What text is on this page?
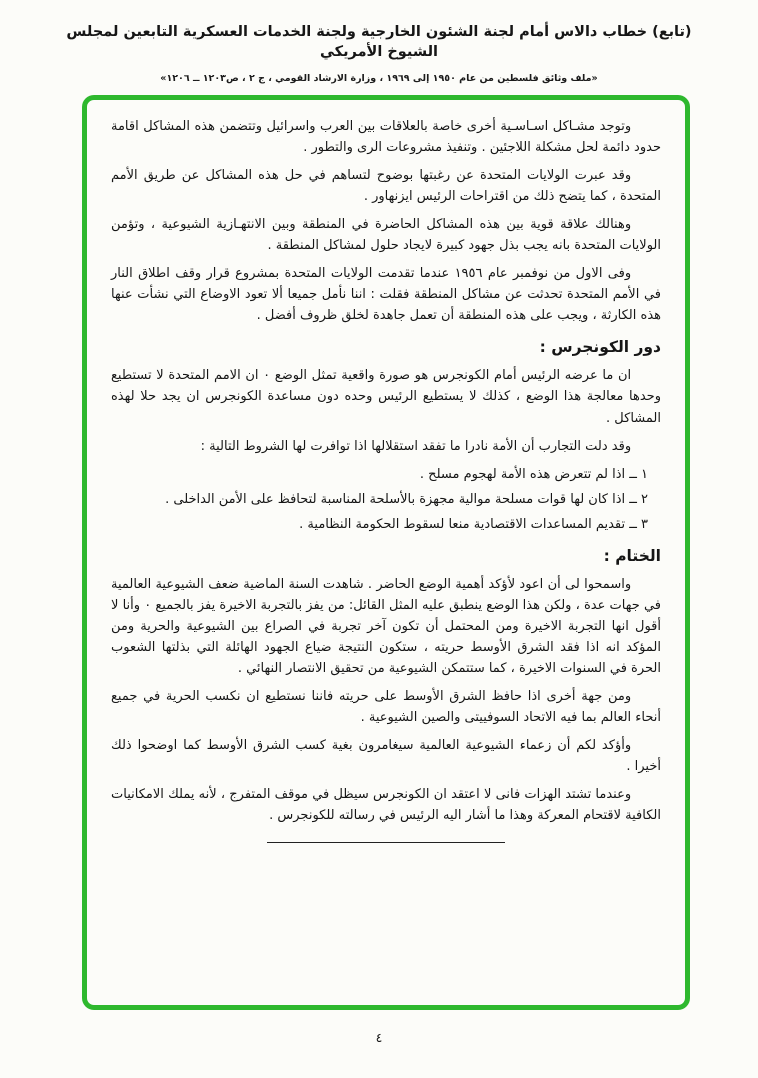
(تابع) خطاب دالاس أمام لجنة الشئون الخارجية ولجنة الخدمات العسكرية التابعين لمجلس الشيوخ الأمريكي
«ملف وثائق فلسطين من عام ١٩٥٠ إلى ١٩٦٩ ، وزارة الارشاد القومي ، ج ٢ ، ص١٢٠٣ ــ ١٢٠٦»
وتوجد مشـاكل اسـاسـية أخرى خاصة بالعلاقات بين العرب واسرائيل وتتضمن هذه المشاكل اقامة حدود دائمة لحل مشكلة اللاجئين . وتنفيذ مشروعات الرى والتطور .
وقد عبرت الولايات المتحدة عن رغبتها بوضوح لتساهم في حل هذه المشاكل عن طريق الأمم المتحدة ، كما يتضح ذلك من اقتراحات الرئيس ايزنهاور .
وهنالك علاقة قوية بين هذه المشاكل الحاضرة في المنطقة وبين الانتهـازية الشيوعية ، وتؤمن الولايات المتحدة بانه يجب بذل جهود كبيرة لايجاد حلول لمشاكل المنطقة .
وفى الاول من نوفمبر عام ١٩٥٦ عندما تقدمت الولايات المتحدة بمشروع قرار وقف اطلاق النار في الأمم المتحدة تحدثت عن مشاكل المنطقة فقلت : اننا نأمل جميعا ألا تعود الاوضاع التي نشأت عنها هذه الكارثة ، ويجب على هذه المنطقة أن تعمل جاهدة لخلق ظروف أفضل .
دور الكونجرس :
ان ما عرضه الرئيس أمام الكونجرس هو صورة واقعية تمثل الوضع ٠ ان الامم المتحدة لا تستطيع وحدها معالجة هذا الوضع ، كذلك لا يستطيع الرئيس وحده دون مساعدة الكونجرس ان يجد حلا لهذه المشاكل .
وقد دلت التجارب أن الأمة نادرا ما تفقد استقلالها اذا توافرت لها الشروط التالية :
١ ــ اذا لم تتعرض هذه الأمة لهجوم مسلح .
٢ ــ اذا كان لها قوات مسلحة موالية مجهزة بالأسلحة المناسبة لتحافظ على الأمن الداخلى .
٣ ــ تقديم المساعدات الاقتصادية منعا لسقوط الحكومة النظامية .
الختام :
واسمحوا لى أن اعود لأؤكد أهمية الوضع الحاضر . شاهدت السنة الماضية ضعف الشيوعية العالمية في جهات عدة ، ولكن هذا الوضع ينطبق عليه المثل القائل: من يفز بالتجربة الاخيرة يفز بالجميع ٠ وأنا لا أقول انها التجربة الاخيرة ومن المحتمل أن تكون آخر تجربة في الصراع بين الشيوعية والحرية ومن المؤكد انه اذا فقد الشرق الأوسط حريته ، ستكون النتيجة ضياع الجهود الهائلة التي بذلتها الشعوب الحرة في السنوات الاخيرة ، كما ستتمكن الشيوعية من تحقيق الانتصار النهائي .
ومن جهة أخرى اذا حافظ الشرق الأوسط على حريته فاننا نستطيع ان نكسب الحرية في جميع أنحاء العالم بما فيه الاتحاد السوفييتى والصين الشيوعية .
وأؤكد لكم أن زعماء الشيوعية العالمية سيغامرون بغية كسب الشرق الأوسط كما اوضحوا ذلك أخيرا .
وعندما تشتد الهزات فانى لا اعتقد ان الكونجرس سيظل في موقف المتفرج ، لأنه يملك الامكانيات الكافية لاقتحام المعركة وهذا ما أشار اليه الرئيس في رسالته للكونجرس .
٤
